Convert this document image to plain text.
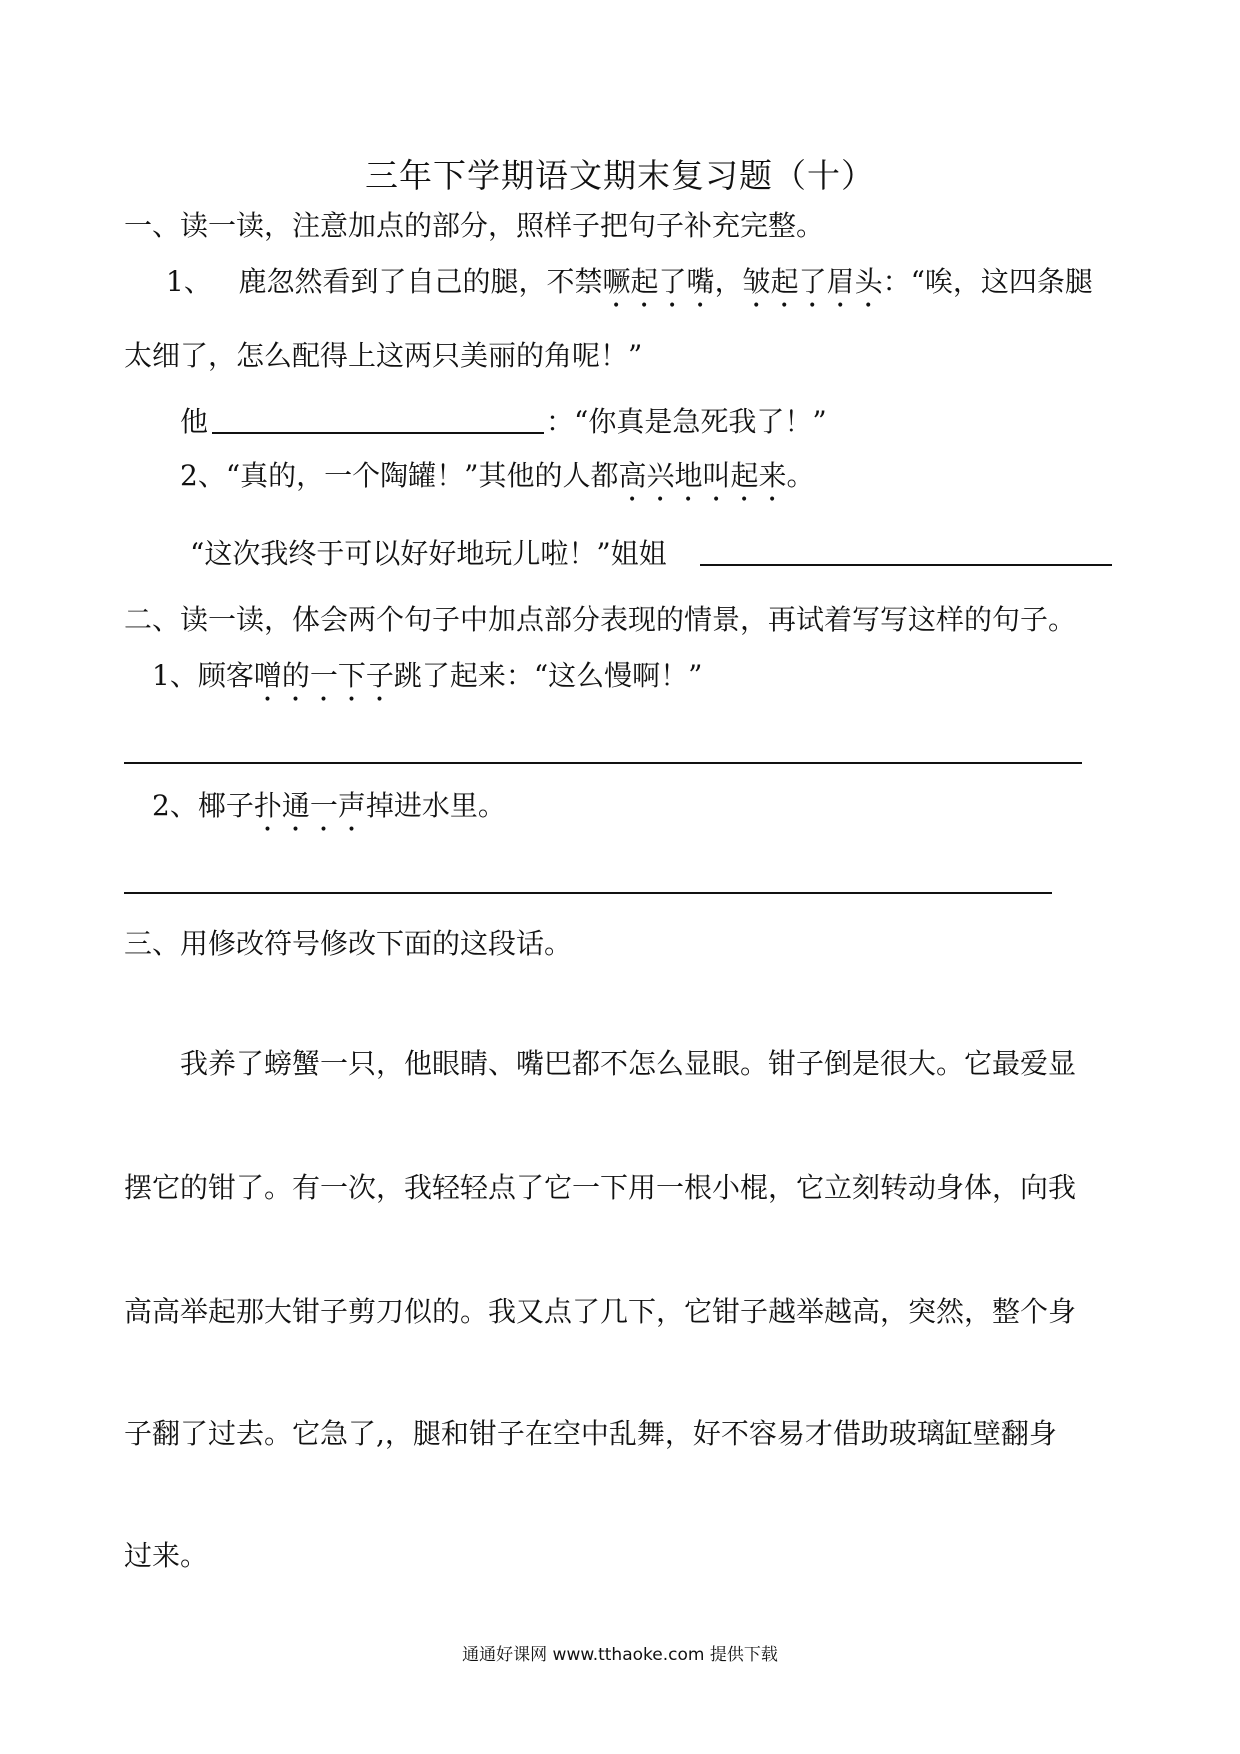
三年下学期语文期末复习题（十）
一、读一读，注意加点的部分，照样子把句子补充完整。
1、 鹿忽然看到了自己的腿，不禁噘起了嘴，皱起了眉头：“唉，这四条腿
太细了，怎么配得上这两只美丽的角呢！”
他	：“你真是急死我了！”
2、“真的，一个陶罐！”其他的人都高兴地叫起来。
“这次我终于可以好好地玩儿啦！”姐姐
二、读一读，体会两个句子中加点部分表现的情景，再试着写写这样的句子。
1、顾客噌的一下子跳了起来：“这么慢啊！”
2、椰子扑通一声掉进水里。
三、用修改符号修改下面的这段话。
我养了螃蟹一只，他眼睛、嘴巴都不怎么显眼。钳子倒是很大。它最爱显
摆它的钳了。有一次，我轻轻点了它一下用一根小棍，它立刻转动身体，向我
高高举起那大钳子剪刀似的。我又点了几下，它钳子越举越高，突然，整个身
子翻了过去。它急了,，腿和钳子在空中乱舞，好不容易才借助玻璃缸壁翻身
过来。
通通好课网 www.tthaoke.com 提供下载
